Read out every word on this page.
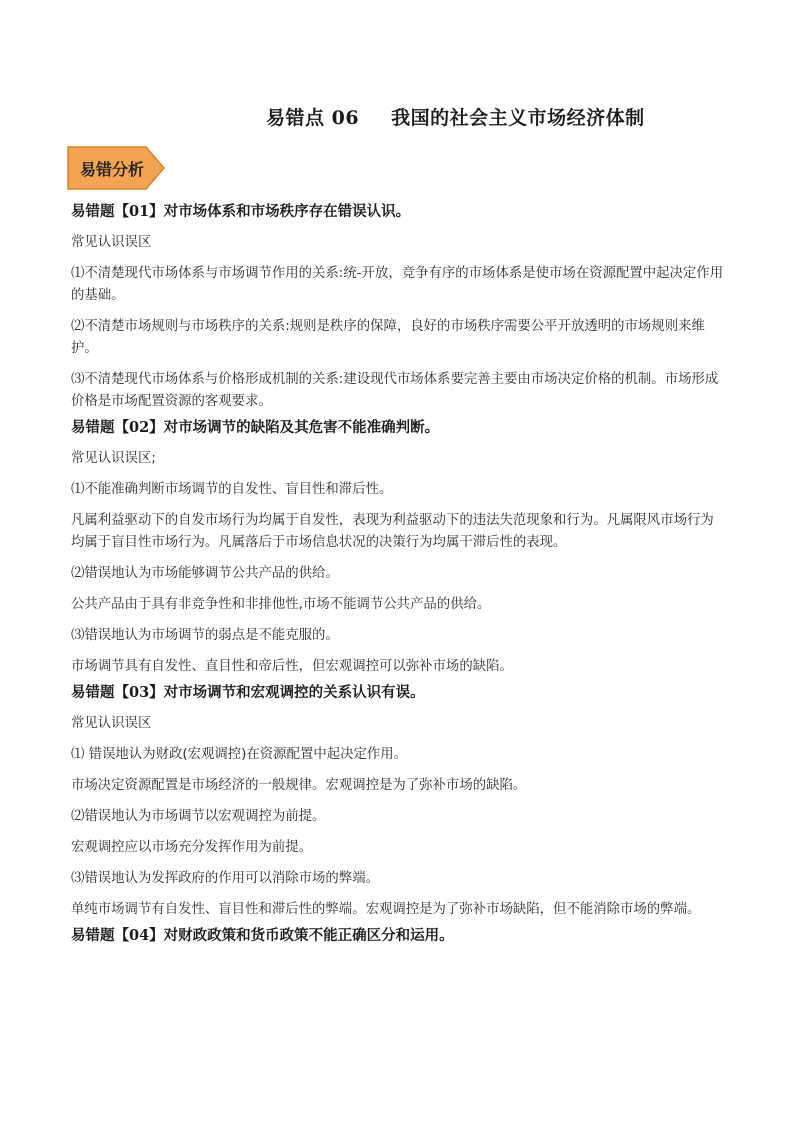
易错点 06 我国的社会主义市场经济体制
易错分析
易错题【01】对市场体系和市场秩序存在错误认识。
常见认识误区
⑴不清楚现代市场体系与市场调节作用的关系:统-开放，竞争有序的市场体系是使市场在资源配置中起决定作用的基础。
⑵不清楚市场规则与市场秩序的关系:规则是秩序的保障，良好的市场秩序需要公平开放透明的市场规则来维护。
⑶不清楚现代市场体系与价格形成机制的关系:建设现代市场体系要完善主要由市场决定价格的机制。市场形成价格是市场配置资源的客观要求。
易错题【02】对市场调节的缺陷及其危害不能准确判断。
常见认识误区;
⑴不能准确判断市场调节的自发性、盲目性和滞后性。
凡属利益驱动下的自发市场行为均属于自发性，表现为利益驱动下的违法失范现象和行为。凡属限风市场行为均属于盲目性市场行为。凡属落后于市场信息状况的决策行为均属干滞后性的表现。
⑵错误地认为市场能够调节公共产品的供给。
公共产品由于具有非竞争性和非排他性,市场不能调节公共产品的供给。
⑶错误地认为市场调节的弱点是不能克服的。
市场调节具有自发性、直目性和帝后性，但宏观调控可以弥补市场的缺陷。
易错题【03】对市场调节和宏观调控的关系认识有误。
常见认识误区
⑴ 错误地认为财政(宏观调控)在资源配置中起决定作用。
市场决定资源配置是市场经济的一般规律。宏观调控是为了弥补市场的缺陷。
⑵错误地认为市场调节以宏观调控为前提。
宏观调控应以市场充分发挥作用为前提。
⑶错误地认为发挥政府的作用可以消除市场的弊端。
单纯市场调节有自发性、盲目性和滞后性的弊端。宏观调控是为了弥补市场缺陷，但不能消除市场的弊端。
易错题【04】对财政政策和货币政策不能正确区分和运用。
